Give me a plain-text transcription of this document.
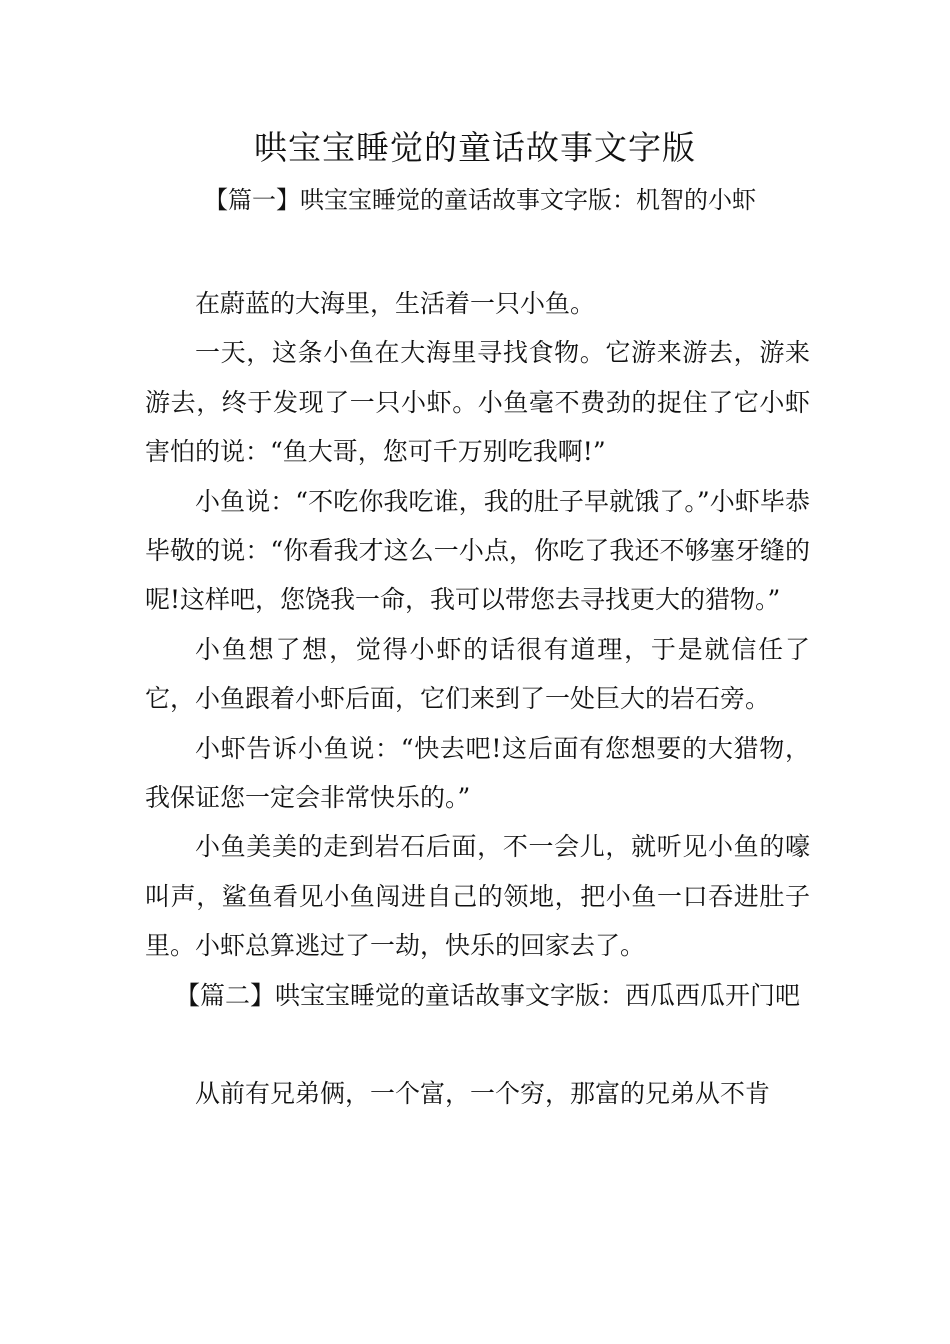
哄宝宝睡觉的童话故事文字版

【篇一】哄宝宝睡觉的童话故事文字版：机智的小虾

在蔚蓝的大海里，生活着一只小鱼。

一天，这条小鱼在大海里寻找食物。它游来游去，游来游去，终于发现了一只小虾。小鱼毫不费劲的捉住了它小虾害怕的说：“鱼大哥，您可千万别吃我啊!”

小鱼说：“不吃你我吃谁，我的肚子早就饿了。”小虾毕恭毕敬的说：“你看我才这么一小点，你吃了我还不够塞牙缝的呢!这样吧，您饶我一命，我可以带您去寻找更大的猎物。”

小鱼想了想，觉得小虾的话很有道理，于是就信任了它，小鱼跟着小虾后面，它们来到了一处巨大的岩石旁。

小虾告诉小鱼说：“快去吧!这后面有您想要的大猎物，我保证您一定会非常快乐的。”

小鱼美美的走到岩石后面，不一会儿，就听见小鱼的嚎叫声，鲨鱼看见小鱼闯进自己的领地，把小鱼一口吞进肚子里。小虾总算逃过了一劫，快乐的回家去了。

【篇二】哄宝宝睡觉的童话故事文字版：西瓜西瓜开门吧

从前有兄弟俩，一个富，一个穷，那富的兄弟从不肯
